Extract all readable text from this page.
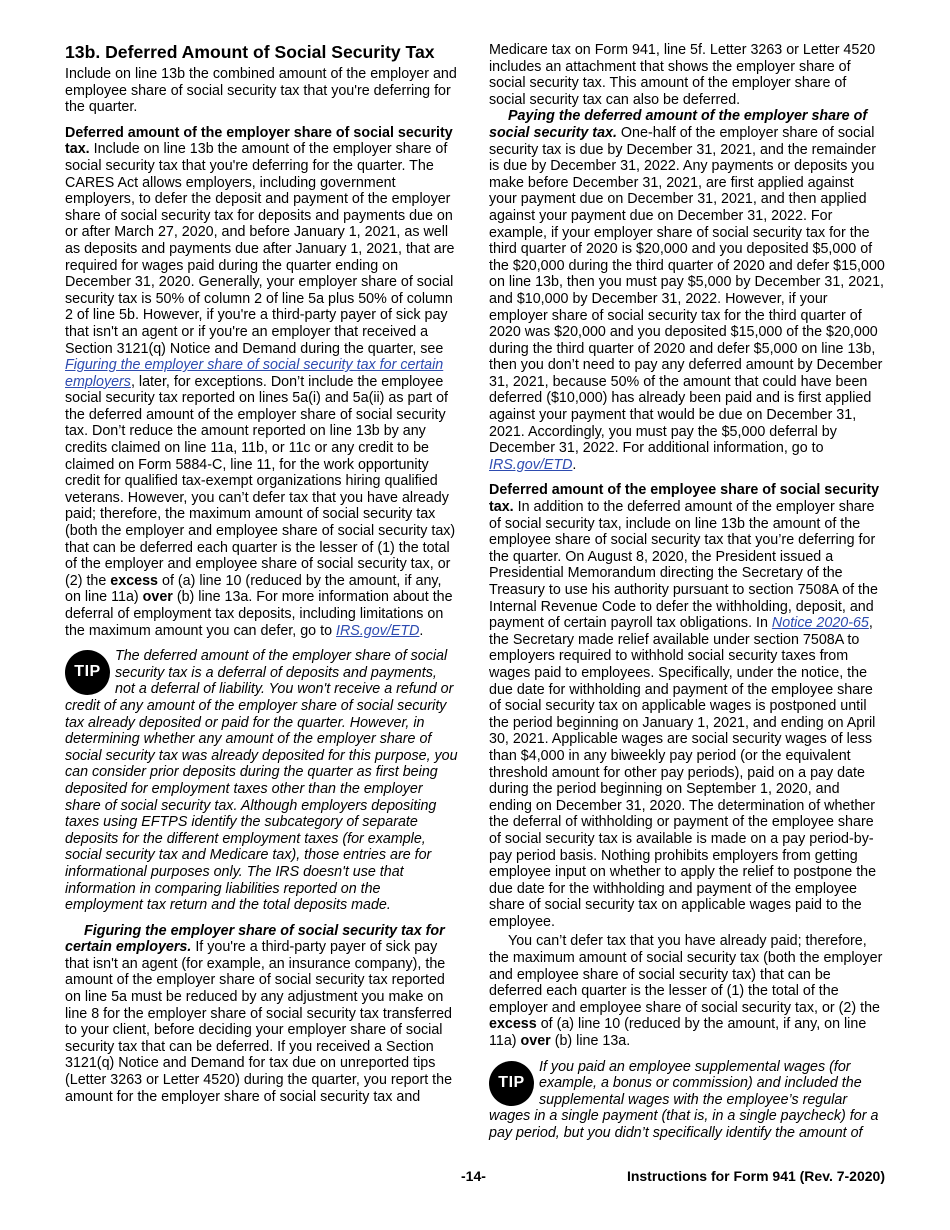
13b. Deferred Amount of Social Security Tax

Include on line 13b the combined amount of the employer and employee share of social security tax that you're deferring for the quarter.

Deferred amount of the employer share of social security tax. Include on line 13b the amount of the employer share of social security tax that you're deferring for the quarter. The CARES Act allows employers, including government employers, to defer the deposit and payment of the employer share of social security tax for deposits and payments due on or after March 27, 2020, and before January 1, 2021, as well as deposits and payments due after January 1, 2021, that are required for wages paid during the quarter ending on December 31, 2020. Generally, your employer share of social security tax is 50% of column 2 of line 5a plus 50% of column 2 of line 5b. However, if you're a third-party payer of sick pay that isn't an agent or if you're an employer that received a Section 3121(q) Notice and Demand during the quarter, see Figuring the employer share of social security tax for certain employers, later, for exceptions. Don’t include the employee social security tax reported on lines 5a(i) and 5a(ii) as part of the deferred amount of the employer share of social security tax. Don’t reduce the amount reported on line 13b by any credits claimed on line 11a, 11b, or 11c or any credit to be claimed on Form 5884-C, line 11, for the work opportunity credit for qualified tax-exempt organizations hiring qualified veterans. However, you can’t defer tax that you have already paid; therefore, the maximum amount of social security tax (both the employer and employee share of social security tax) that can be deferred each quarter is the lesser of (1) the total of the employer and employee share of social security tax, or (2) the excess of (a) line 10 (reduced by the amount, if any, on line 11a) over (b) line 13a. For more information about the deferral of employment tax deposits, including limitations on the maximum amount you can defer, go to IRS.gov/ETD.

TIP
The deferred amount of the employer share of social security tax is a deferral of deposits and payments, not a deferral of liability. You won't receive a refund or credit of any amount of the employer share of social security tax already deposited or paid for the quarter. However, in determining whether any amount of the employer share of social security tax was already deposited for this purpose, you can consider prior deposits during the quarter as first being deposited for employment taxes other than the employer share of social security tax. Although employers depositing taxes using EFTPS identify the subcategory of separate deposits for the different employment taxes (for example, social security tax and Medicare tax), those entries are for informational purposes only. The IRS doesn't use that information in comparing liabilities reported on the employment tax return and the total deposits made.

Figuring the employer share of social security tax for certain employers. If you're a third-party payer of sick pay that isn't an agent (for example, an insurance company), the amount of the employer share of social security tax reported on line 5a must be reduced by any adjustment you make on line 8 for the employer share of social security tax transferred to your client, before deciding your employer share of social security tax that can be deferred. If you received a Section 3121(q) Notice and Demand for tax due on unreported tips (Letter 3263 or Letter 4520) during the quarter, you report the amount for the employer share of social security tax and

Medicare tax on Form 941, line 5f. Letter 3263 or Letter 4520 includes an attachment that shows the employer share of social security tax. This amount of the employer share of social security tax can also be deferred.

Paying the deferred amount of the employer share of social security tax. One-half of the employer share of social security tax is due by December 31, 2021, and the remainder is due by December 31, 2022. Any payments or deposits you make before December 31, 2021, are first applied against your payment due on December 31, 2021, and then applied against your payment due on December 31, 2022. For example, if your employer share of social security tax for the third quarter of 2020 is $20,000 and you deposited $5,000 of the $20,000 during the third quarter of 2020 and defer $15,000 on line 13b, then you must pay $5,000 by December 31, 2021, and $10,000 by December 31, 2022. However, if your employer share of social security tax for the third quarter of 2020 was $20,000 and you deposited $15,000 of the $20,000 during the third quarter of 2020 and defer $5,000 on line 13b, then you don’t need to pay any deferred amount by December 31, 2021, because 50% of the amount that could have been deferred ($10,000) has already been paid and is first applied against your payment that would be due on December 31, 2021. Accordingly, you must pay the $5,000 deferral by December 31, 2022. For additional information, go to IRS.gov/ETD.

Deferred amount of the employee share of social security tax. In addition to the deferred amount of the employer share of social security tax, include on line 13b the amount of the employee share of social security tax that you’re deferring for the quarter. On August 8, 2020, the President issued a Presidential Memorandum directing the Secretary of the Treasury to use his authority pursuant to section 7508A of the Internal Revenue Code to defer the withholding, deposit, and payment of certain payroll tax obligations. In Notice 2020-65, the Secretary made relief available under section 7508A to employers required to withhold social security taxes from wages paid to employees. Specifically, under the notice, the due date for withholding and payment of the employee share of social security tax on applicable wages is postponed until the period beginning on January 1, 2021, and ending on April 30, 2021. Applicable wages are social security wages of less than $4,000 in any biweekly pay period (or the equivalent threshold amount for other pay periods), paid on a pay date during the period beginning on September 1, 2020, and ending on December 31, 2020. The determination of whether the deferral of withholding or payment of the employee share of social security tax is available is made on a pay period-by-pay period basis. Nothing prohibits employers from getting employee input on whether to apply the relief to postpone the due date for the withholding and payment of the employee share of social security tax on applicable wages paid to the employee.

You can’t defer tax that you have already paid; therefore, the maximum amount of social security tax (both the employer and employee share of social security tax) that can be deferred each quarter is the lesser of (1) the total of the employer and employee share of social security tax, or (2) the excess of (a) line 10 (reduced by the amount, if any, on line 11a) over (b) line 13a.

TIP
If you paid an employee supplemental wages (for example, a bonus or commission) and included the supplemental wages with the employee’s regular wages in a single payment (that is, in a single paycheck) for a pay period, but you didn’t specifically identify the amount of
-14-	Instructions for Form 941 (Rev. 7-2020)
